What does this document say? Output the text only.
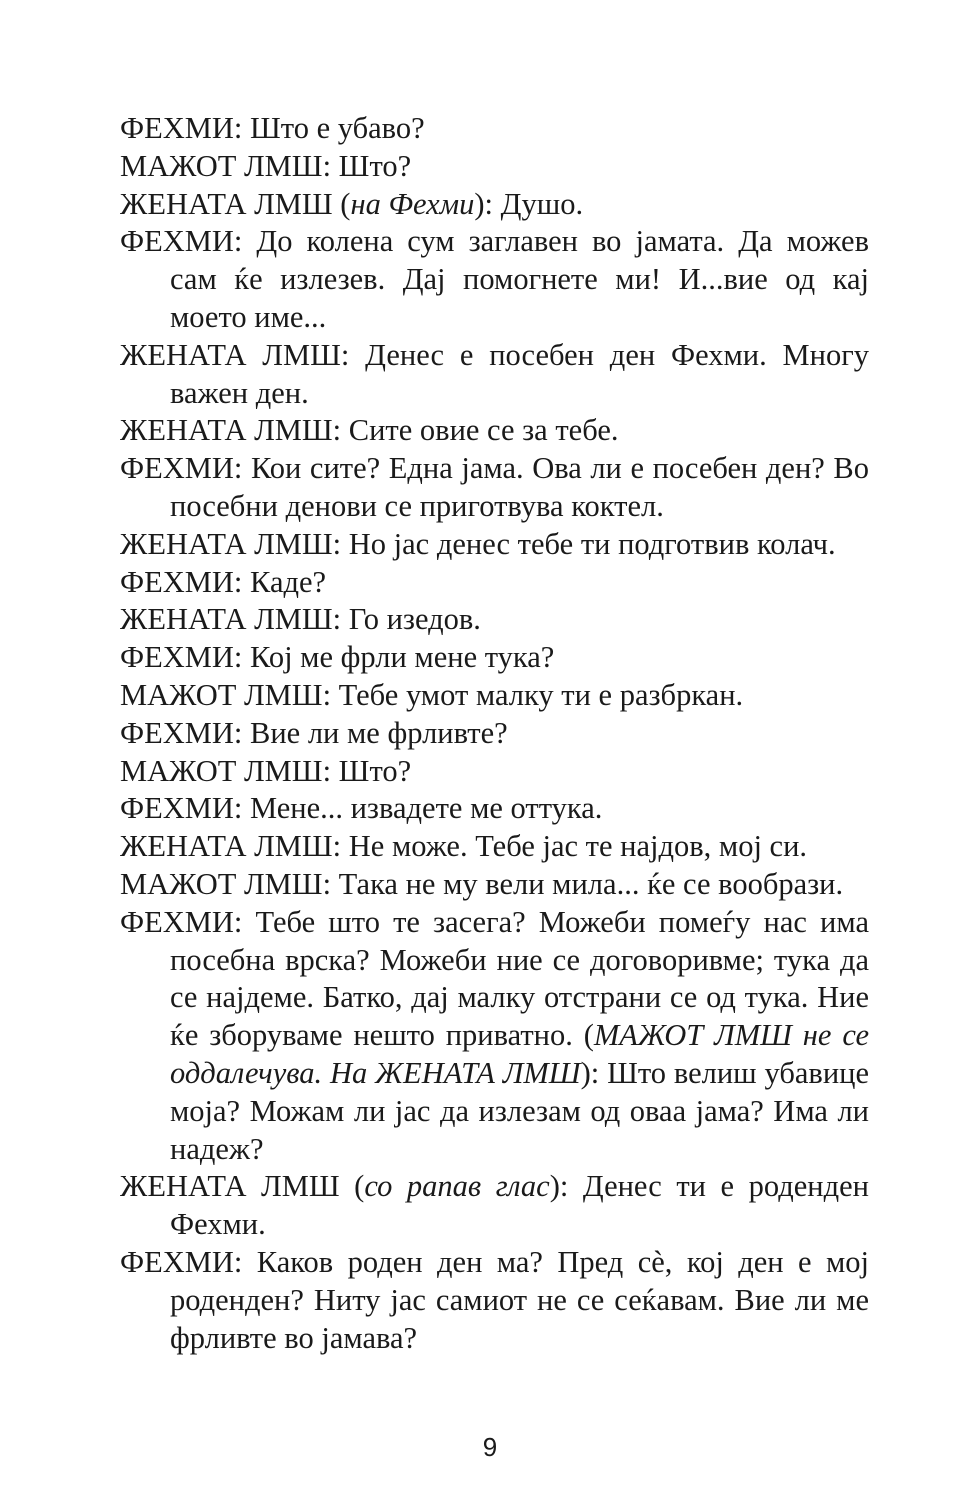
ФЕХМИ: Што е убаво?

МАЖОТ ЛМШ: Што?

ЖЕНАТА ЛМШ (на Фехми): Душо.

ФЕХМИ: До колена сум заглавен во јамата. Да можев сам ќе излезев. Дај помогнете ми! И...вие од кај моето име...

ЖЕНАТА ЛМШ: Денес е посебен ден Фехми. Многу важен ден.

ЖЕНАТА ЛМШ: Сите овие се за тебе.

ФЕХМИ: Кои сите? Една јама. Ова ли е посебен ден? Во посебни денови се приготвува коктел.

ЖЕНАТА ЛМШ: Но јас денес тебе ти подготвив колач.

ФЕХМИ: Каде?

ЖЕНАТА ЛМШ: Го изедов.

ФЕХМИ: Кој ме фрли мене тука?

МАЖОТ ЛМШ: Тебе умот малку ти е разбркан.

ФЕХМИ: Вие ли ме фрливте?

МАЖОТ ЛМШ: Што?

ФЕХМИ: Мене... извадете ме оттука.

ЖЕНАТА ЛМШ: Не може. Тебе јас те најдов, мој си.

МАЖОТ ЛМШ: Така не му вели мила... ќе се вообрази.

ФЕХМИ: Тебе што те засега? Можеби помеѓу нас има посебна врска? Можеби ние се договоривме; тука да се најдеме. Батко, дај малку отстрани се од тука. Ние ќе зборуваме нешто приватно. (МАЖОТ ЛМШ не се оддалечува. На ЖЕНАТА ЛМШ): Што велиш убавице моја? Можам ли јас да излезам од оваа јама? Има ли надеж?

ЖЕНАТА ЛМШ (со рапав глас): Денес ти е роденден Фехми.

ФЕХМИ: Каков роден ден ма? Пред сѐ, кој ден е мој роденден? Ниту јас самиот не се сеќавам. Вие ли ме фрливте во јамава?

9
